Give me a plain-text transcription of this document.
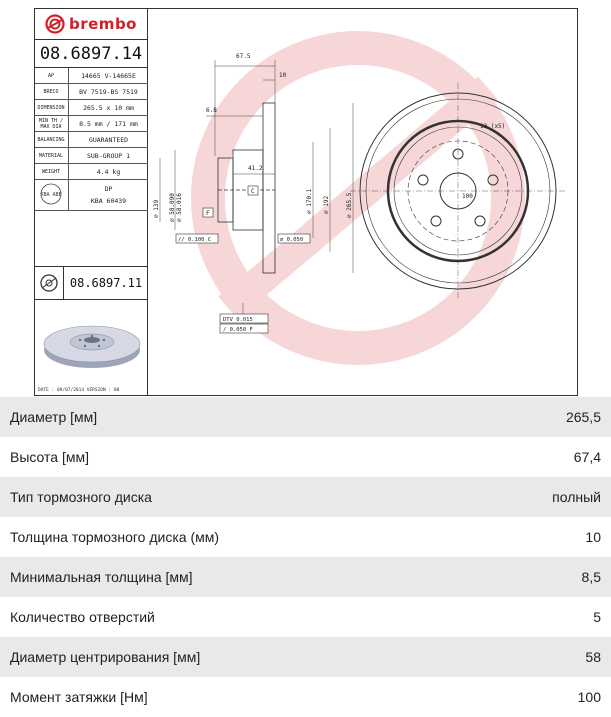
brembo
08.6897.14
AP	14665 V-14665E
BRECO	BV 7519-BS 7519
DIMENSION	265.5 x 10 mm
MIN TH / MAX DIA	8.5 mm / 171 mm
BALANCING	GUARANTEED
MATERIAL	SUB-GROUP 1
WEIGHT	4.4 kg

KBA ABE	DP
KBA 60439
08.6897.11
DATE : 09/07/2014 VERSION : 00
67.5
10
6.8
41.2
∅ 139 ∅ 58.090 ∅ 58.016	∅ 170.1 ∅ 192	∅ 265.5
C
F
// 0.100 C	∅ 0.050
DTV 0.015
/ 0.050 F
13 (x5)
100
Диаметр [мм]	265,5
Высота [мм]	67,4
Тип тормозного диска	полный
Толщина тормозного диска (мм)	10
Минимальная толщина [мм]	8,5
Количество отверстий	5
Диаметр центрирования [мм]	58
Момент затяжки [Нм]	100
